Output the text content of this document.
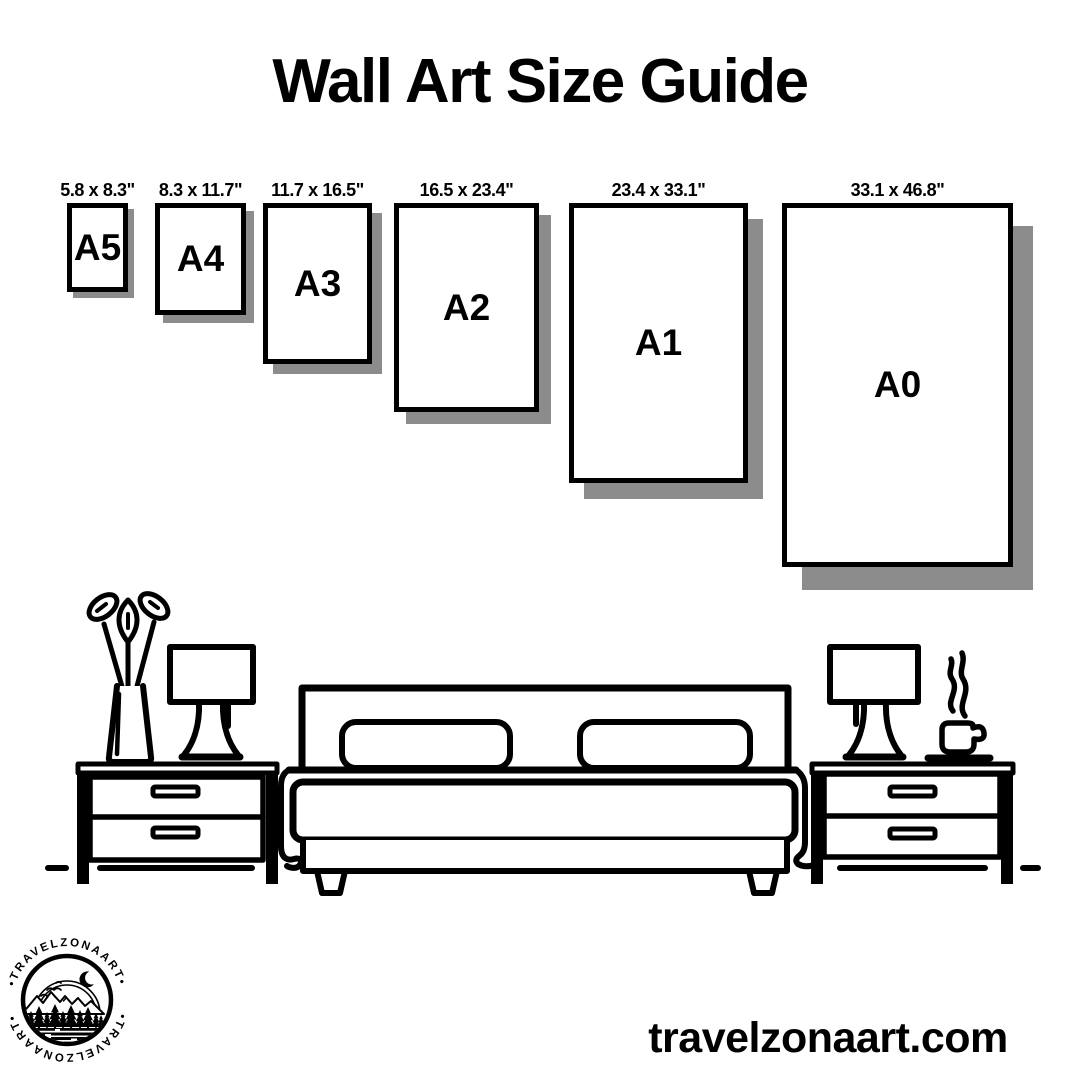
Wall Art Size Guide
5.8 x 8.3"
A5
8.3 x 11.7"
A4
11.7 x 16.5"
A3
16.5 x 23.4"
A2
23.4 x 33.1"
A1
33.1 x 46.8"
A0
•TRAVELZONAART•
•TRAVELZONAART•	travelzonaart.com
